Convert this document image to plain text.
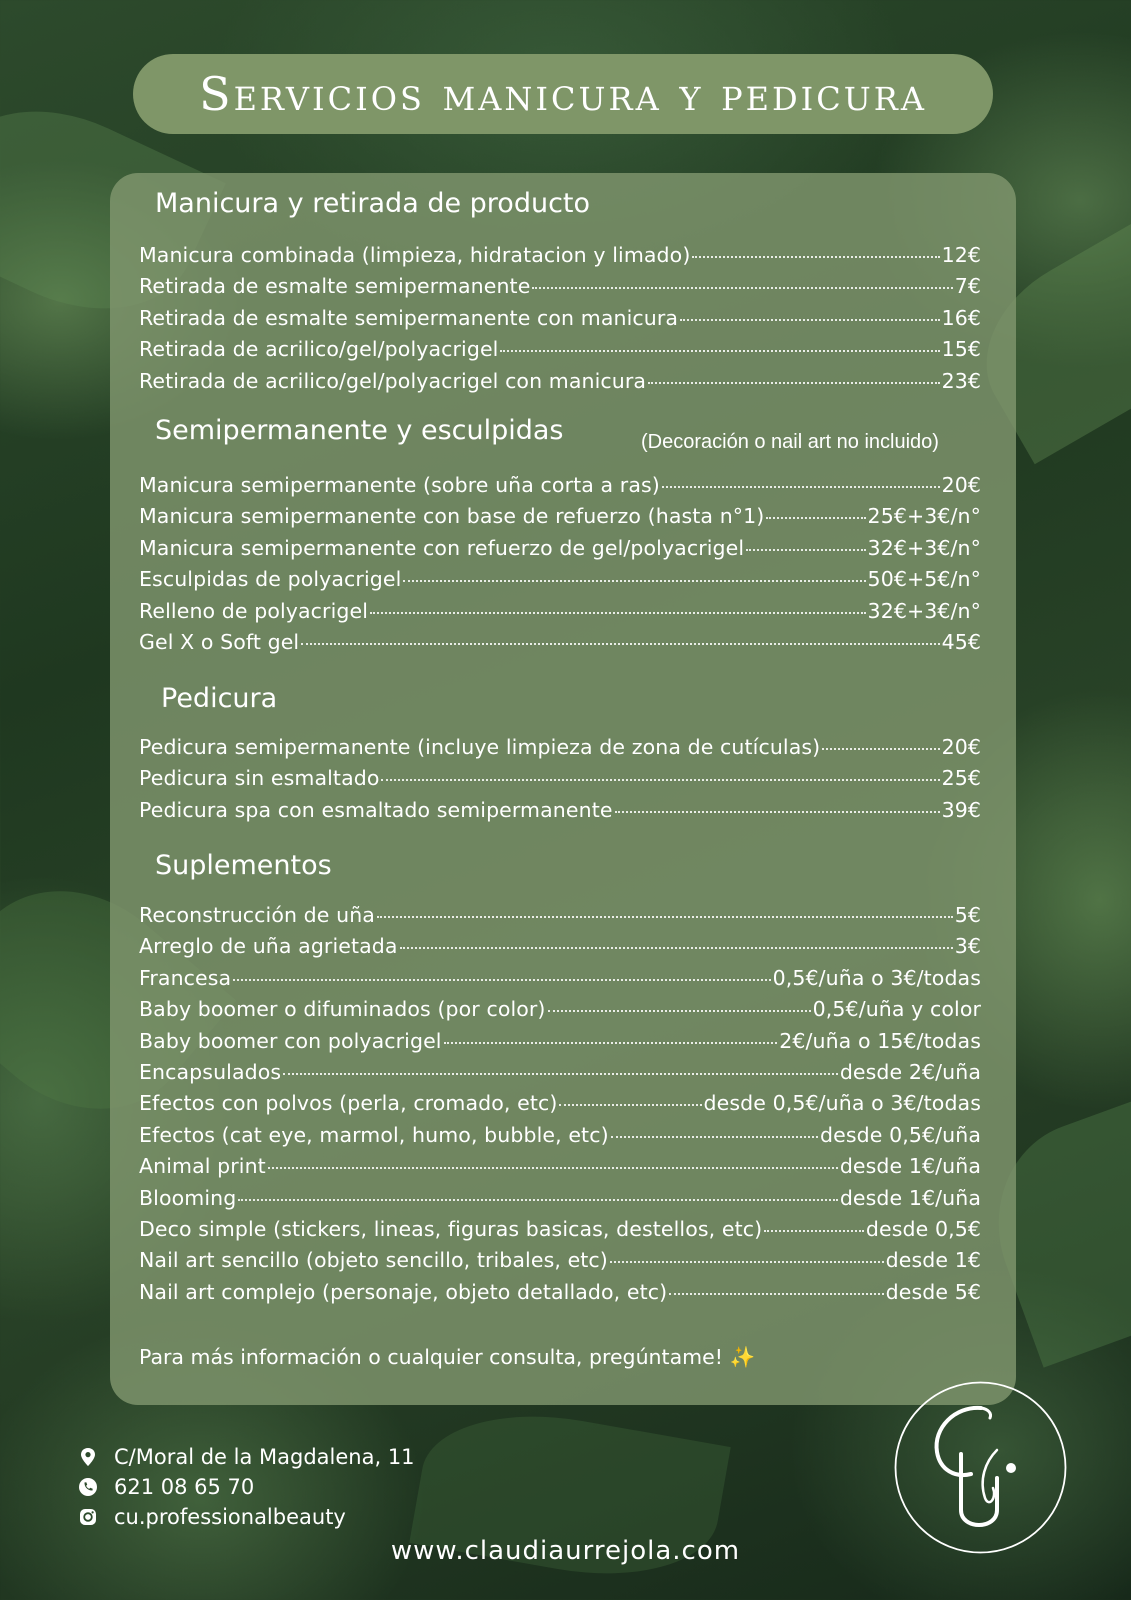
Servicios manicura y pedicura
Manicura y retirada de producto
Manicura combinada (limpieza, hidratacion y limado)	12€
Retirada de esmalte semipermanente	7€
Retirada de esmalte semipermanente con manicura	16€
Retirada de acrilico/gel/polyacrigel	15€
Retirada de acrilico/gel/polyacrigel con manicura	23€
Semipermanente y esculpidas	(Decoración o nail art no incluido)
Manicura semipermanente (sobre uña corta a ras)	20€
Manicura semipermanente con base de refuerzo (hasta n°1)	25€+3€/n°
Manicura semipermanente con refuerzo de gel/polyacrigel	32€+3€/n°
Esculpidas de polyacrigel	50€+5€/n°
Relleno de polyacrigel	32€+3€/n°
Gel X o Soft gel	45€
Pedicura
Pedicura semipermanente (incluye limpieza de zona de cutículas)	20€
Pedicura sin esmaltado	25€
Pedicura spa con esmaltado semipermanente	39€
Suplementos
Reconstrucción de uña	5€
Arreglo de uña agrietada	3€
Francesa	0,5€/uña o 3€/todas
Baby boomer o difuminados (por color)	0,5€/uña y color
Baby boomer con polyacrigel	2€/uña o 15€/todas
Encapsulados	desde 2€/uña
Efectos con polvos (perla, cromado, etc)	desde 0,5€/uña o 3€/todas
Efectos (cat eye, marmol, humo, bubble, etc)	desde 0,5€/uña
Animal print	desde 1€/uña
Blooming	desde 1€/uña
Deco simple (stickers, lineas, figuras basicas, destellos, etc)	desde 0,5€
Nail art sencillo (objeto sencillo, tribales, etc)	desde 1€
Nail art complejo (personaje, objeto detallado, etc)	desde 5€
Para más información o cualquier consulta, pregúntame! ✨
C/Moral de la Magdalena, 11
621 08 65 70
cu.professionalbeauty
www.claudiaurrejola.com
